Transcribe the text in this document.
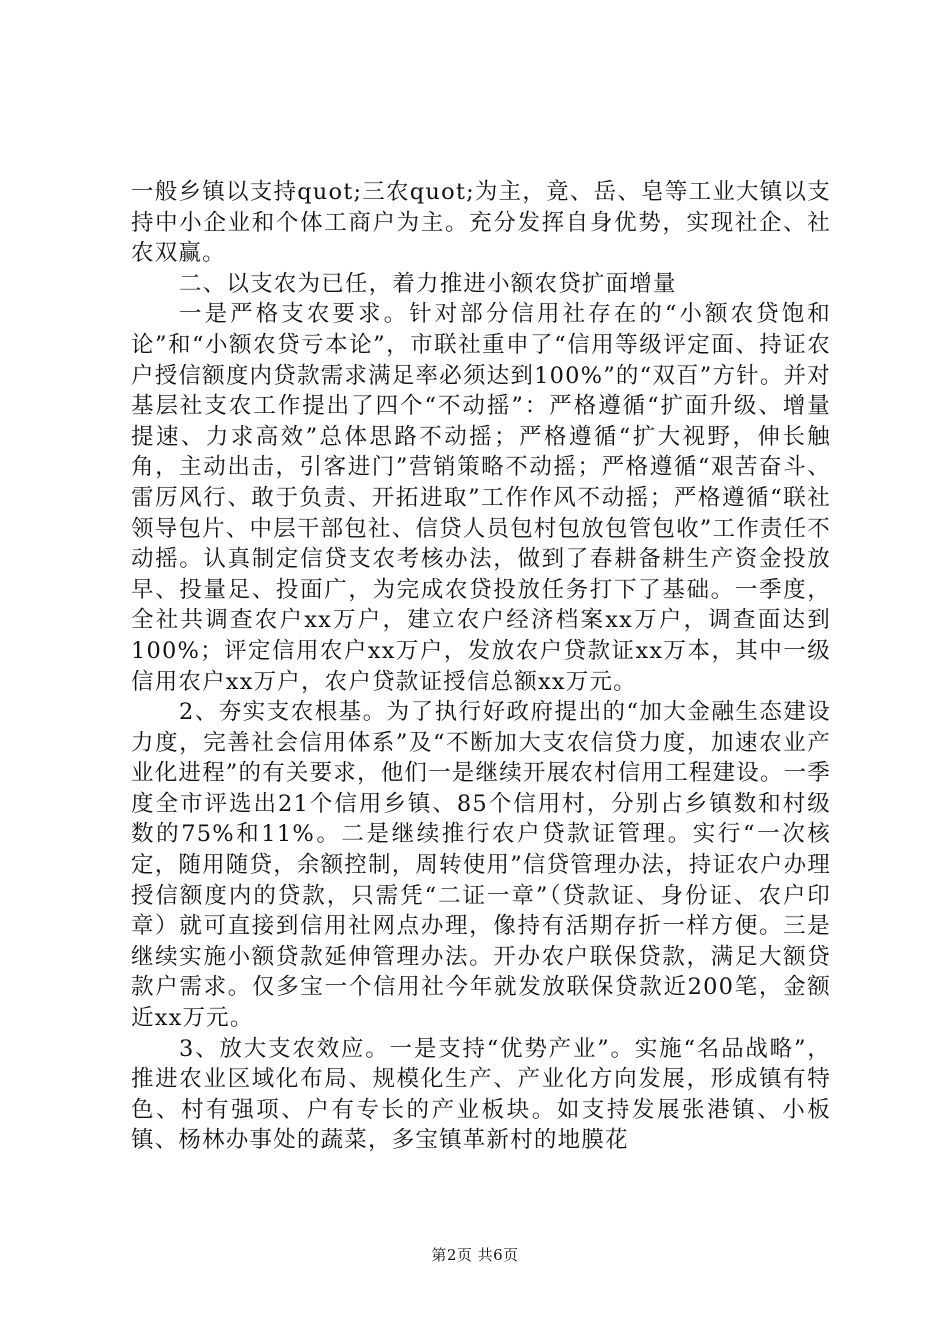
一般乡镇以支持quot;三农quot;为主，竟、岳、皂等工业大镇以支持中小企业和个体工商户为主。充分发挥自身优势，实现社企、社农双赢。

二、以支农为已任，着力推进小额农贷扩面增量

一是严格支农要求。针对部分信用社存在的“小额农贷饱和论”和“小额农贷亏本论”，市联社重申了“信用等级评定面、持证农户授信额度内贷款需求满足率必须达到100%”的“双百”方针。并对基层社支农工作提出了四个“不动摇”：严格遵循“扩面升级、增量提速、力求高效”总体思路不动摇；严格遵循“扩大视野，伸长触角，主动出击，引客进门”营销策略不动摇；严格遵循“艰苦奋斗、雷厉风行、敢于负责、开拓进取”工作作风不动摇；严格遵循“联社领导包片、中层干部包社、信贷人员包村包放包管包收”工作责任不动摇。认真制定信贷支农考核办法，做到了春耕备耕生产资金投放早、投量足、投面广，为完成农贷投放任务打下了基础。一季度，全社共调查农户xx万户，建立农户经济档案xx万户，调查面达到100%；评定信用农户xx万户，发放农户贷款证xx万本，其中一级信用农户xx万户，农户贷款证授信总额xx万元。

2、夯实支农根基。为了执行好政府提出的“加大金融生态建设力度，完善社会信用体系”及“不断加大支农信贷力度，加速农业产业化进程”的有关要求，他们一是继续开展农村信用工程建设。一季度全市评选出21个信用乡镇、85个信用村，分别占乡镇数和村级数的75%和11%。二是继续推行农户贷款证管理。实行“一次核定，随用随贷，余额控制，周转使用”信贷管理办法，持证农户办理授信额度内的贷款，只需凭“二证一章”（贷款证、身份证、农户印章）就可直接到信用社网点办理，像持有活期存折一样方便。三是继续实施小额贷款延伸管理办法。开办农户联保贷款，满足大额贷款户需求。仅多宝一个信用社今年就发放联保贷款近200笔，金额近xx万元。

3、放大支农效应。一是支持“优势产业”。实施“名品战略”，推进农业区域化布局、规模化生产、产业化方向发展，形成镇有特色、村有强项、户有专长的产业板块。如支持发展张港镇、小板镇、杨林办事处的蔬菜，多宝镇革新村的地膜花

第2页 共6页
